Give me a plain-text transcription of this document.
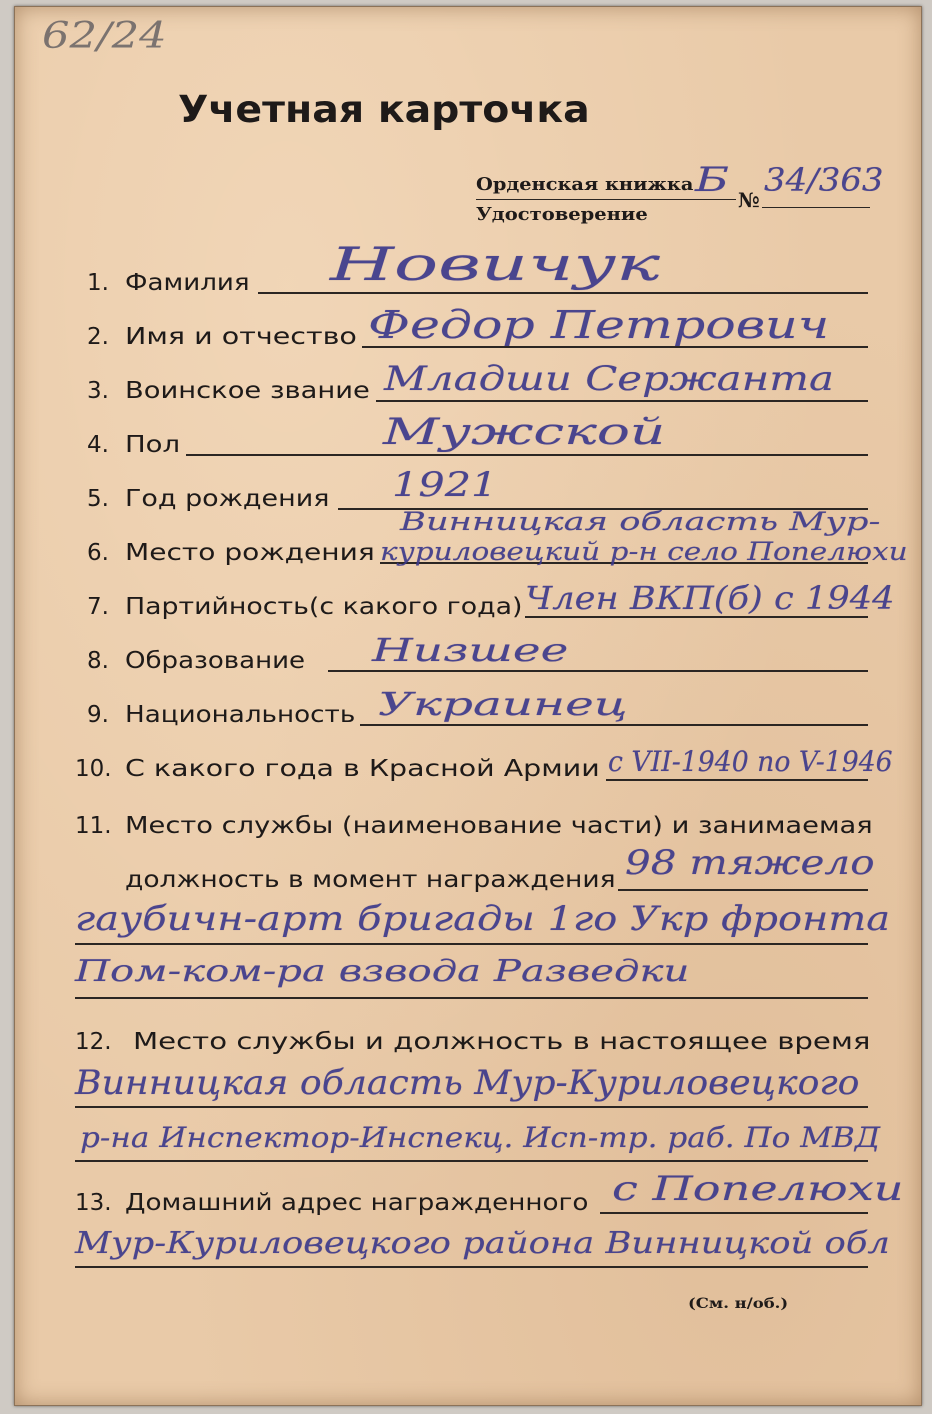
62/24
Учетная карточка
Орденская книжка
Удостоверение
№
Б 34/363
1. Фамилия Новичук
2. Имя и отчество Федор Петрович
3. Воинское звание Младши Сержанта
4. Пол	Мужской
5. Год рождения 1921
6. Место рождения
Винницкая область Мур-
куриловецкий р-н село Попелюхи
7. Партийность(с какого года) Член ВКП(б) с 1944
8. Образование Низшее
9. Национальность Украинец
10. С какого года в Красной Армии с VII-1940 по V-1946
11. Место службы (наименование части) и занимаемая
должность в момент награждения 98 тяжело
гаубичн-арт бригады 1го Укр фронта
Пом-ком-ра взвода Разведки
12. Место службы и должность в настоящее время
Винницкая область Мур-Куриловецкого
р-на Инспектор-Инспекц. Исп-тр. раб. По МВД
13. Домашний адрес награжденного с Попелюхи
Мур-Куриловецкого района Винницкой обл
(См. н/об.)
